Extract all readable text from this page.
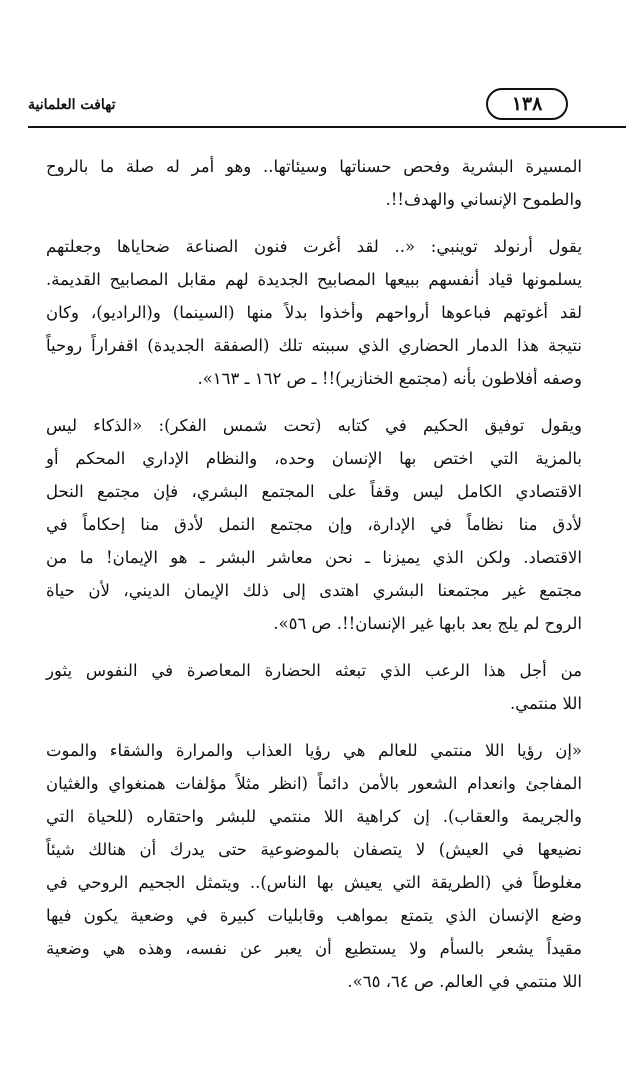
١٣٨
تهافت العلمانية
المسيرة البشرية وفحص حسناتها وسيئاتها.. وهو أمر له صلة ما بالروح
والطموح الإنساني والهدف!!.
يقول أرنولد توينبي: «.. لقد أغرت فنون الصناعة ضحاياها وجعلتهم
يسلمونها قياد أنفسهم ببيعها المصابيح الجديدة لهم مقابل المصابيح القديمة.
لقد أغوتهم فباعوها أرواحهم وأخذوا بدلاً منها (السينما) و(الراديو)، وكان
نتيجة هذا الدمار الحضاري الذي سببته تلك (الصفقة الجديدة) اقفراراً روحياً
وصفه أفلاطون بأنه (مجتمع الخنازير)!! ـ ص ١٦٢ ـ ١٦٣».
ويقول توفيق الحكيم في كتابه (تحت شمس الفكر): «الذكاء ليس
بالمزية التي اختص بها الإنسان وحده، والنظام الإداري المحكم أو
الاقتصادي الكامل ليس وقفاً على المجتمع البشري، فإن مجتمع النحل
لأدق منا نظاماً في الإدارة، وإن مجتمع النمل لأدق منا إحكاماً في
الاقتصاد. ولكن الذي يميزنا ـ نحن معاشر البشر ـ هو الإيمان! ما من
مجتمع غير مجتمعنا البشري اهتدى إلى ذلك الإيمان الديني، لأن حياة
الروح لم يلج بعد بابها غير الإنسان!!. ص ٥٦».
من أجل هذا الرعب الذي تبعثه الحضارة المعاصرة في النفوس يثور
اللا منتمي.
«إن رؤيا اللا منتمي للعالم هي رؤيا العذاب والمرارة والشقاء والموت
المفاجئ وانعدام الشعور بالأمن دائماً (انظر مثلاً مؤلفات همنغواي والغثيان
والجريمة والعقاب). إن كراهية اللا منتمي للبشر واحتقاره (للحياة التي
نضيعها في العيش) لا يتصفان بالموضوعية حتى يدرك أن هنالك شيئاً
مغلوطاً في (الطريقة التي يعيش بها الناس).. ويتمثل الجحيم الروحي في
وضع الإنسان الذي يتمتع بمواهب وقابليات كبيرة في وضعية يكون فيها
مقيداً يشعر بالسأم ولا يستطيع أن يعبر عن نفسه، وهذه هي وضعية
اللا منتمي في العالم. ص ٦٤، ٦٥».
